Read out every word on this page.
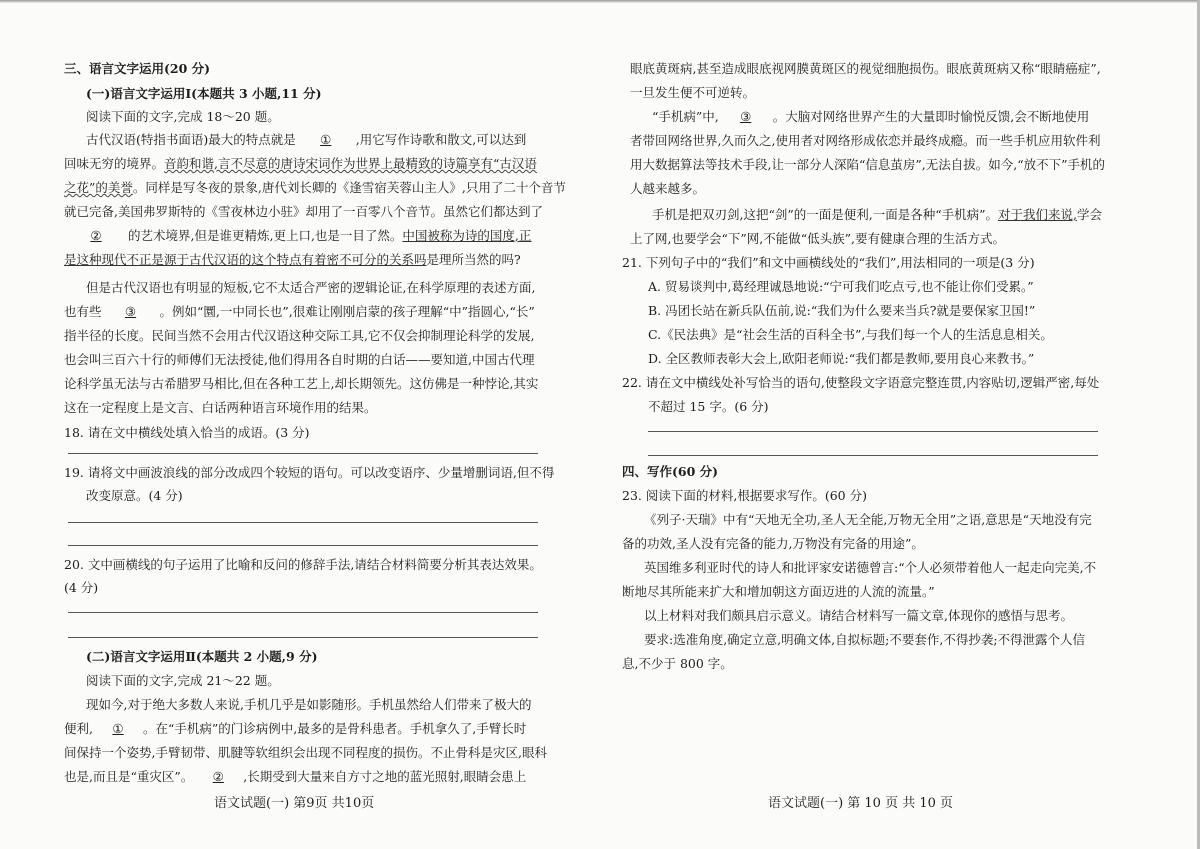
三、语言文字运用(20 分)
(一)语言文字运用Ⅰ(本题共 3 小题,11 分)
阅读下面的文字,完成 18～20 题。
古代汉语(特指书面语)最大的特点就是 ① ,用它写作诗歌和散文,可以达到
回味无穷的境界。音韵和谐,言不尽意的唐诗宋词作为世界上最精致的诗篇享有“古汉语
之花”的美誉。同样是写冬夜的景象,唐代刘长卿的《逢雪宿芙蓉山主人》,只用了二十个音节
就已完备,美国弗罗斯特的《雪夜林边小驻》却用了一百零八个音节。虽然它们都达到了
② 的艺术境界,但是谁更精炼,更上口,也是一目了然。中国被称为诗的国度,正
是这种现代不正是源于古代汉语的这个特点有着密不可分的关系吗是理所当然的吗?
但是古代汉语也有明显的短板,它不太适合严密的逻辑论证,在科学原理的表述方面,
也有些 ③ 。例如“圜,一中同长也”,很难让刚刚启蒙的孩子理解“中”指圆心,“长”
指半径的长度。民间当然不会用古代汉语这种交际工具,它不仅会抑制理论科学的发展,
也会叫三百六十行的师傅们无法授徒,他们得用各自时期的白话——要知道,中国古代理
论科学虽无法与古希腊罗马相比,但在各种工艺上,却长期领先。这仿佛是一种悖论,其实
这在一定程度上是文言、白话两种语言环境作用的结果。
18. 请在文中横线处填入恰当的成语。(3 分)
19. 请将文中画波浪线的部分改成四个较短的语句。可以改变语序、少量增删词语,但不得
改变原意。(4 分)
20. 文中画横线的句子运用了比喻和反问的修辞手法,请结合材料简要分析其表达效果。
(4 分)
(二)语言文字运用Ⅱ(本题共 2 小题,9 分)
阅读下面的文字,完成 21～22 题。
现如今,对于绝大多数人来说,手机几乎是如影随形。手机虽然给人们带来了极大的
便利, ① 。在“手机病”的门诊病例中,最多的是骨科患者。手机拿久了,手臂长时
间保持一个姿势,手臂韧带、肌腱等软组织会出现不同程度的损伤。不止骨科是灾区,眼科
也是,而且是“重灾区”。 ② ,长期受到大量来自方寸之地的蓝光照射,眼睛会患上
语文试题(一) 第9页 共10页
眼底黄斑病,甚至造成眼底视网膜黄斑区的视觉细胞损伤。眼底黄斑病又称“眼睛癌症”,
一旦发生便不可逆转。
“手机病”中, ③ 。大脑对网络世界产生的大量即时愉悦反馈,会不断地使用
者带回网络世界,久而久之,使用者对网络形成依恋并最终成瘾。而一些手机应用软件利
用大数据算法等技术手段,让一部分人深陷“信息茧房”,无法自拔。如今,“放不下”手机的
人越来越多。
手机是把双刃剑,这把“剑”的一面是便利,一面是各种“手机病”。对于我们来说,学会
上了网,也要学会“下”网,不能做“低头族”,要有健康合理的生活方式。
21. 下列句子中的“我们”和文中画横线处的“我们”,用法相同的一项是(3 分)
A. 贸易谈判中,葛经理诚恳地说:“宁可我们吃点亏,也不能让你们受累。”
B. 冯团长站在新兵队伍前,说:“我们为什么要来当兵?就是要保家卫国!”
C.《民法典》是“社会生活的百科全书”,与我们每一个人的生活息息相关。
D. 全区教师表彰大会上,欧阳老师说:“我们都是教师,要用良心来教书。”
22. 请在文中横线处补写恰当的语句,使整段文字语意完整连贯,内容贴切,逻辑严密,每处
不超过 15 字。(6 分)
四、写作(60 分)
23. 阅读下面的材料,根据要求写作。(60 分)
《列子·天瑞》中有“天地无全功,圣人无全能,万物无全用”之语,意思是“天地没有完
备的功效,圣人没有完备的能力,万物没有完备的用途”。
英国维多利亚时代的诗人和批评家安诺德曾言:“个人必须带着他人一起走向完美,不
断地尽其所能来扩大和增加朝这方面迈进的人流的流量。”
以上材料对我们颇具启示意义。请结合材料写一篇文章,体现你的感悟与思考。
要求:选准角度,确定立意,明确文体,自拟标题;不要套作,不得抄袭;不得泄露个人信
息,不少于 800 字。
语文试题(一) 第 10 页 共 10 页
